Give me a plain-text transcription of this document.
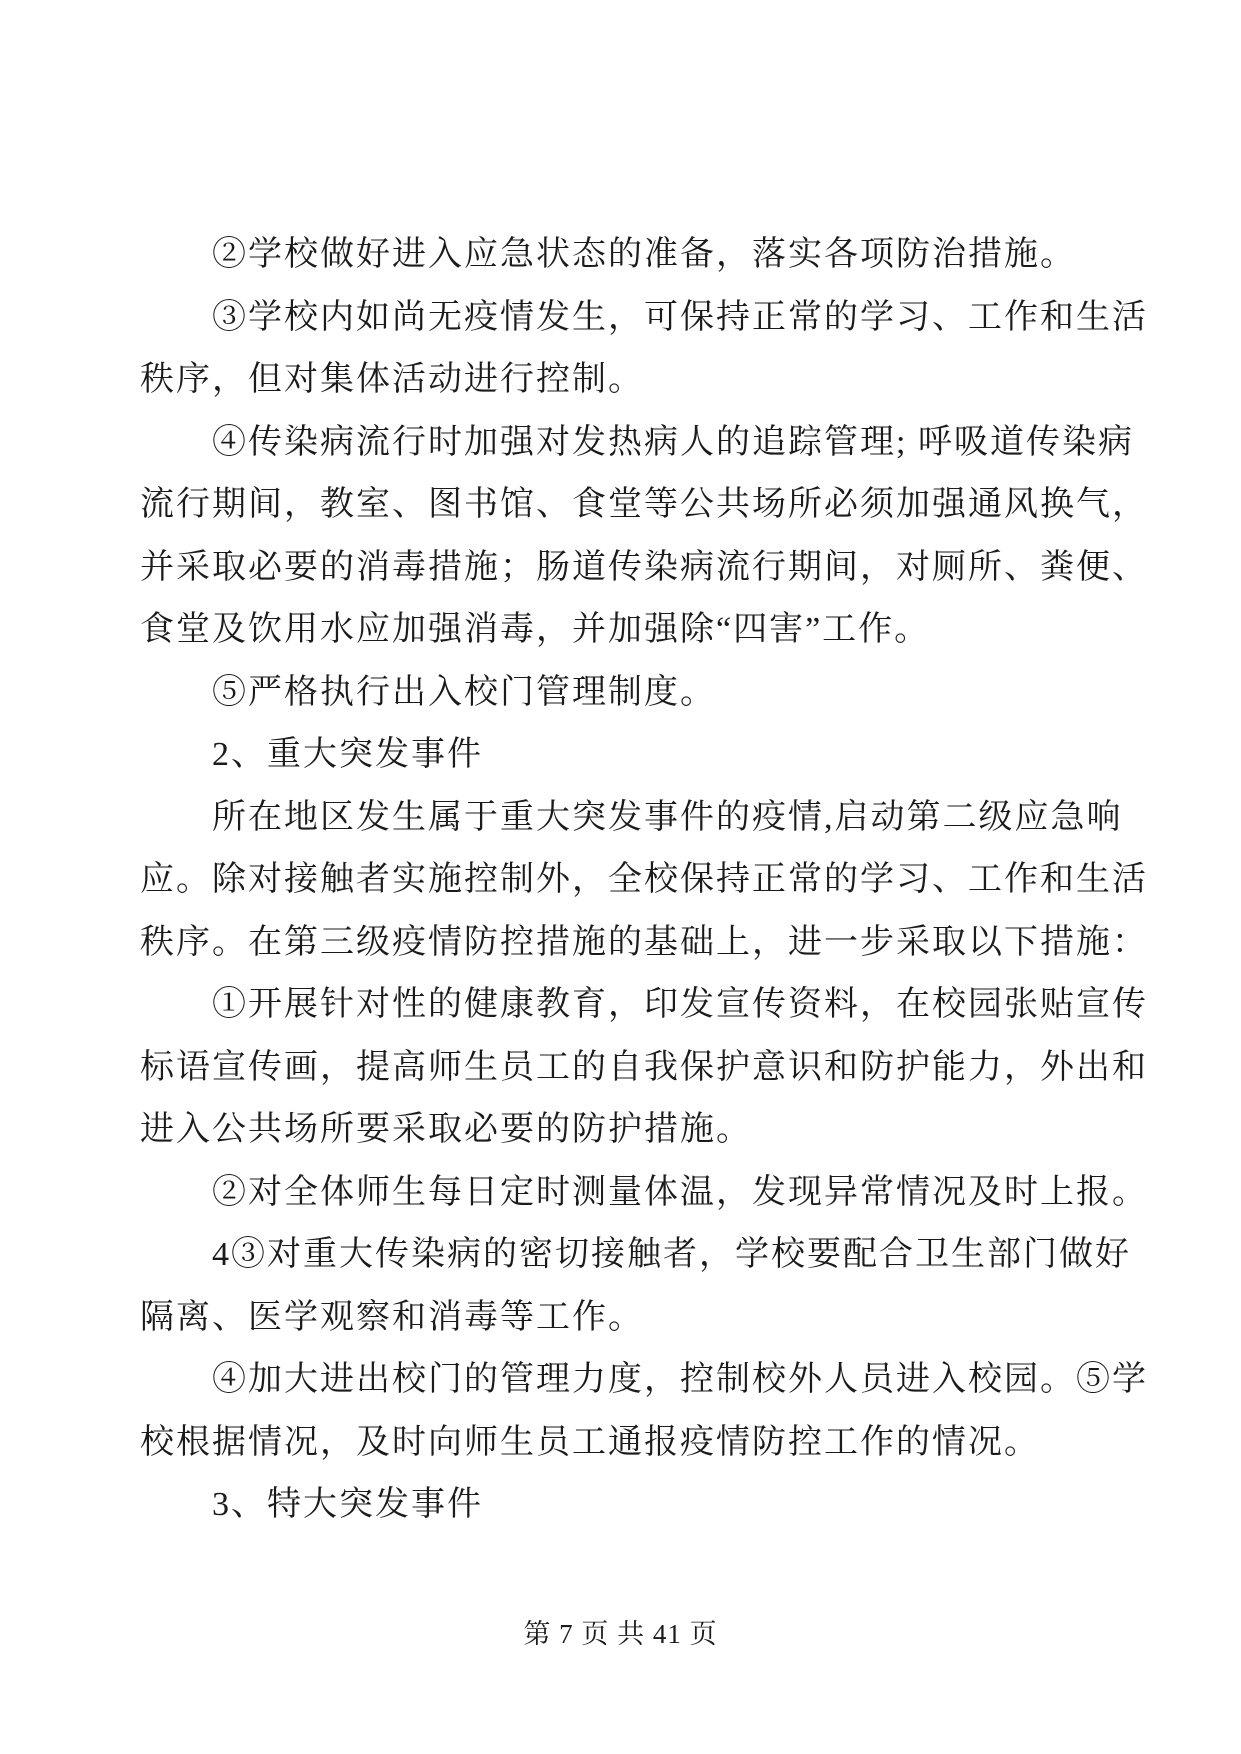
②学校做好进入应急状态的准备，落实各项防治措施。
③学校内如尚无疫情发生，可保持正常的学习、工作和生活
秩序，但对集体活动进行控制。
④传染病流行时加强对发热病人的追踪管理; 呼吸道传染病
流行期间，教室、图书馆、食堂等公共场所必须加强通风换气，
并采取必要的消毒措施；肠道传染病流行期间，对厕所、粪便、
食堂及饮用水应加强消毒，并加强除“四害”工作。
⑤严格执行出入校门管理制度。
2、重大突发事件
所在地区发生属于重大突发事件的疫情,启动第二级应急响
应。除对接触者实施控制外，全校保持正常的学习、工作和生活
秩序。在第三级疫情防控措施的基础上，进一步采取以下措施：
①开展针对性的健康教育，印发宣传资料，在校园张贴宣传
标语宣传画，提高师生员工的自我保护意识和防护能力，外出和
进入公共场所要采取必要的防护措施。
②对全体师生每日定时测量体温，发现异常情况及时上报。
4③对重大传染病的密切接触者，学校要配合卫生部门做好
隔离、医学观察和消毒等工作。
④加大进出校门的管理力度，控制校外人员进入校园。⑤学
校根据情况，及时向师生员工通报疫情防控工作的情况。
3、特大突发事件
第 7 页 共 41 页
